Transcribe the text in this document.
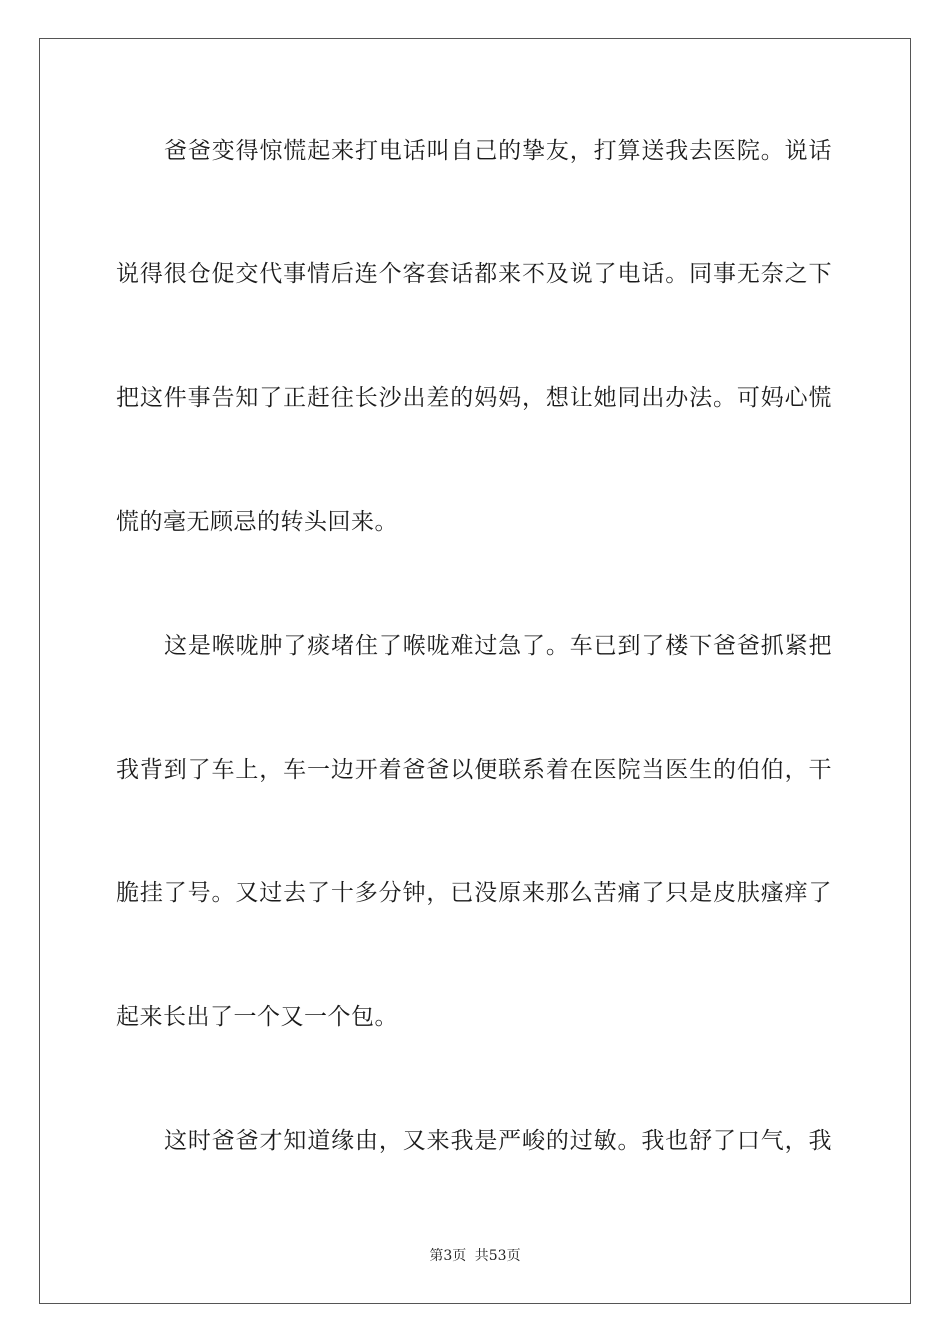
爸爸变得惊慌起来打电话叫自己的挚友，打算送我去医院。说话
说得很仓促交代事情后连个客套话都来不及说了电话。同事无奈之下
把这件事告知了正赶往长沙出差的妈妈，想让她同出办法。可妈心慌
慌的毫无顾忌的转头回来。
这是喉咙肿了痰堵住了喉咙难过急了。车已到了楼下爸爸抓紧把
我背到了车上，车一边开着爸爸以便联系着在医院当医生的伯伯，干
脆挂了号。又过去了十多分钟，已没原来那么苦痛了只是皮肤瘙痒了
起来长出了一个又一个包。
这时爸爸才知道缘由，又来我是严峻的过敏。我也舒了口气，我
第3页 共53页
